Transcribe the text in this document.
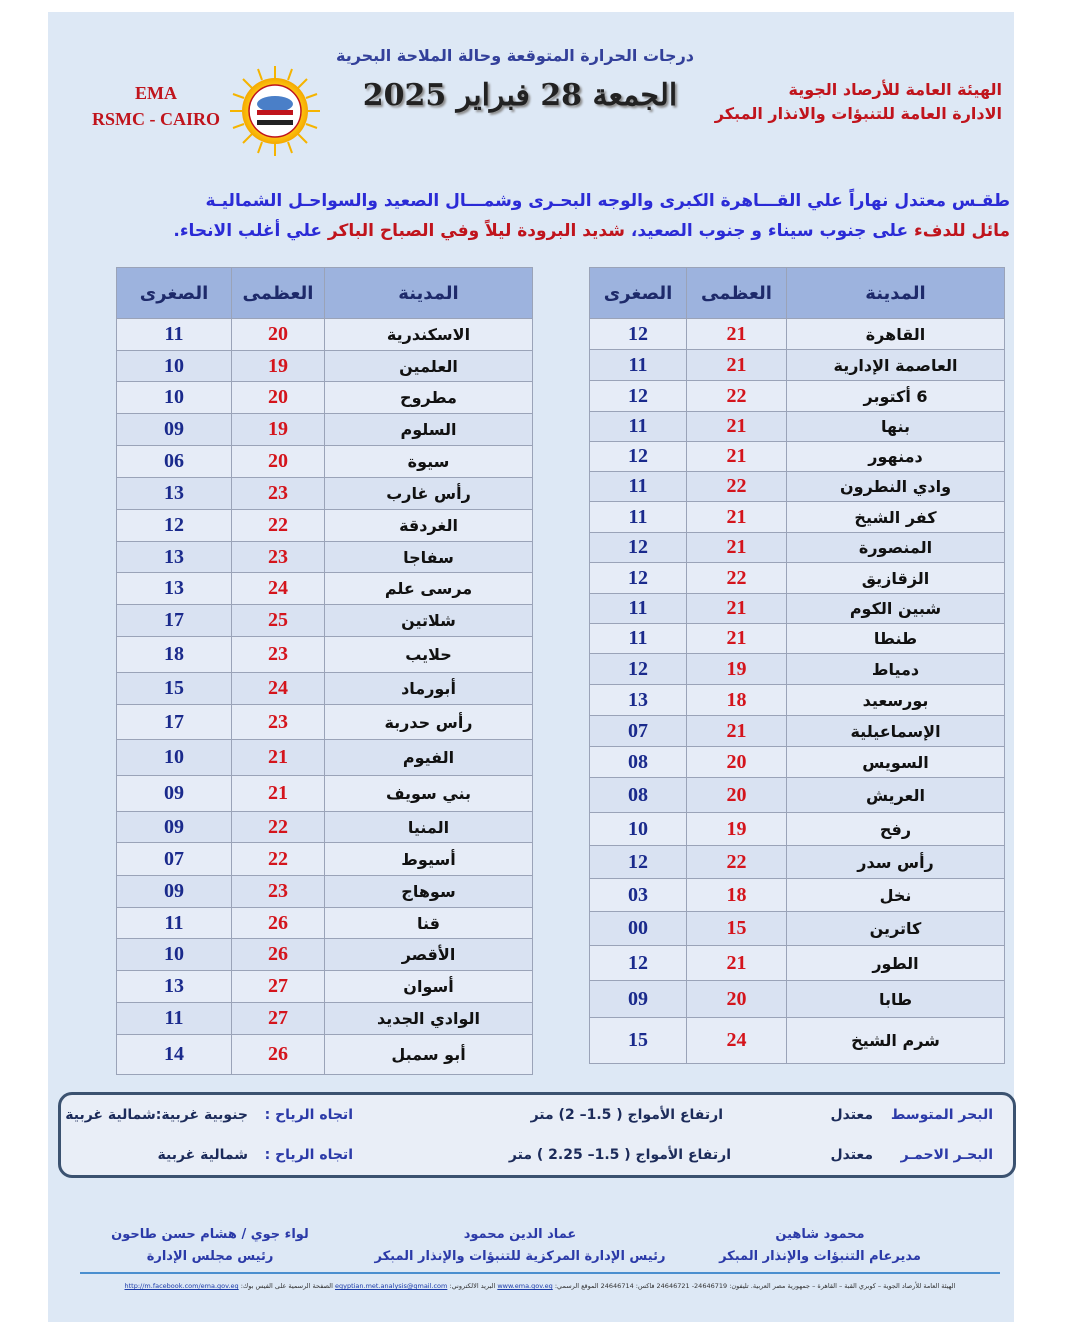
درجات الحرارة المتوقعة وحالة الملاحة البحرية
الجمعة 28 فبراير 2025
EMA
RSMC - CAIRO
الهيئة العامة للأرصاد الجوية
الادارة العامة للتنبؤات والانذار المبكر
طقـس معتدل نهاراً علي القـــاهرة الكبرى والوجه البحـرى وشمـــال الصعيد والسواحـل الشماليـة
مائل للدفء على جنوب سيناء و جنوب الصعيد، شديد البرودة ليلاً وفي الصباح الباكر علي أغلب الانحاء.
المدينة	العظمى	الصغرى
القاهرة	21	12
العاصمة الإدارية	21	11
6 أكتوبر	22	12
بنها	21	11
دمنهور	21	12
وادي النطرون	22	11
كفر الشيخ	21	11
المنصورة	21	12
الزقازيق	22	12
شبين الكوم	21	11
طنطا	21	11
دمياط	19	12
بورسعيد	18	13
الإسماعيلية	21	07
السويس	20	08
العريش	20	08
رفح	19	10
رأس سدر	22	12
نخل	18	03
كاترين	15	00
الطور	21	12
طابا	20	09
شرم الشيخ	24	15
المدينة	العظمى	الصغرى
الاسكندرية	20	11
العلمين	19	10
مطروح	20	10
السلوم	19	09
سيوة	20	06
رأس غارب	23	13
الغردقة	22	12
سفاجا	23	13
مرسى علم	24	13
شلاتين	25	17
حلايب	23	18
أبورماد	24	15
رأس حدربة	23	17
الفيوم	21	10
بني سويف	21	09
المنيا	22	09
أسيوط	22	07
سوهاج	23	09
قنا	26	11
الأقصر	26	10
أسوان	27	13
الوادي الجديد	27	11
أبو سمبل	26	14
البحر المتوسط
معتدل
ارتفاع الأمواج ( 1.5– 2) متر
اتجاه الرياح :
جنوبية غربية:شمالية غربية
البحـر الاحمـر
معتدل
ارتفاع الأمواج ( 1.5– 2.25 ) متر
اتجاه الرياح :
شمالية غربية
محمود شاهين
مديرعام التنبؤات والإنذار المبكر
عماد الدين محمود
رئيس الإدارة المركزية للتنبؤات والإنذار المبكر
لواء جوي / هشام حسن طاحون
رئيس مجلس الإدارة
الهيئة العامة للأرصاد الجوية – كوبري القبة – القاهرة – جمهورية مصر العربية. تليفون: 24646719- 24646721 فاكس: 24646714 الموقع الرسمي: www.ema.gov.eg البريد الالكتروني: egyptian.met.analysis@gmail.com الصفحة الرسمية على الفيس بوك: http://m.facebook.com/ema.gov.eg
